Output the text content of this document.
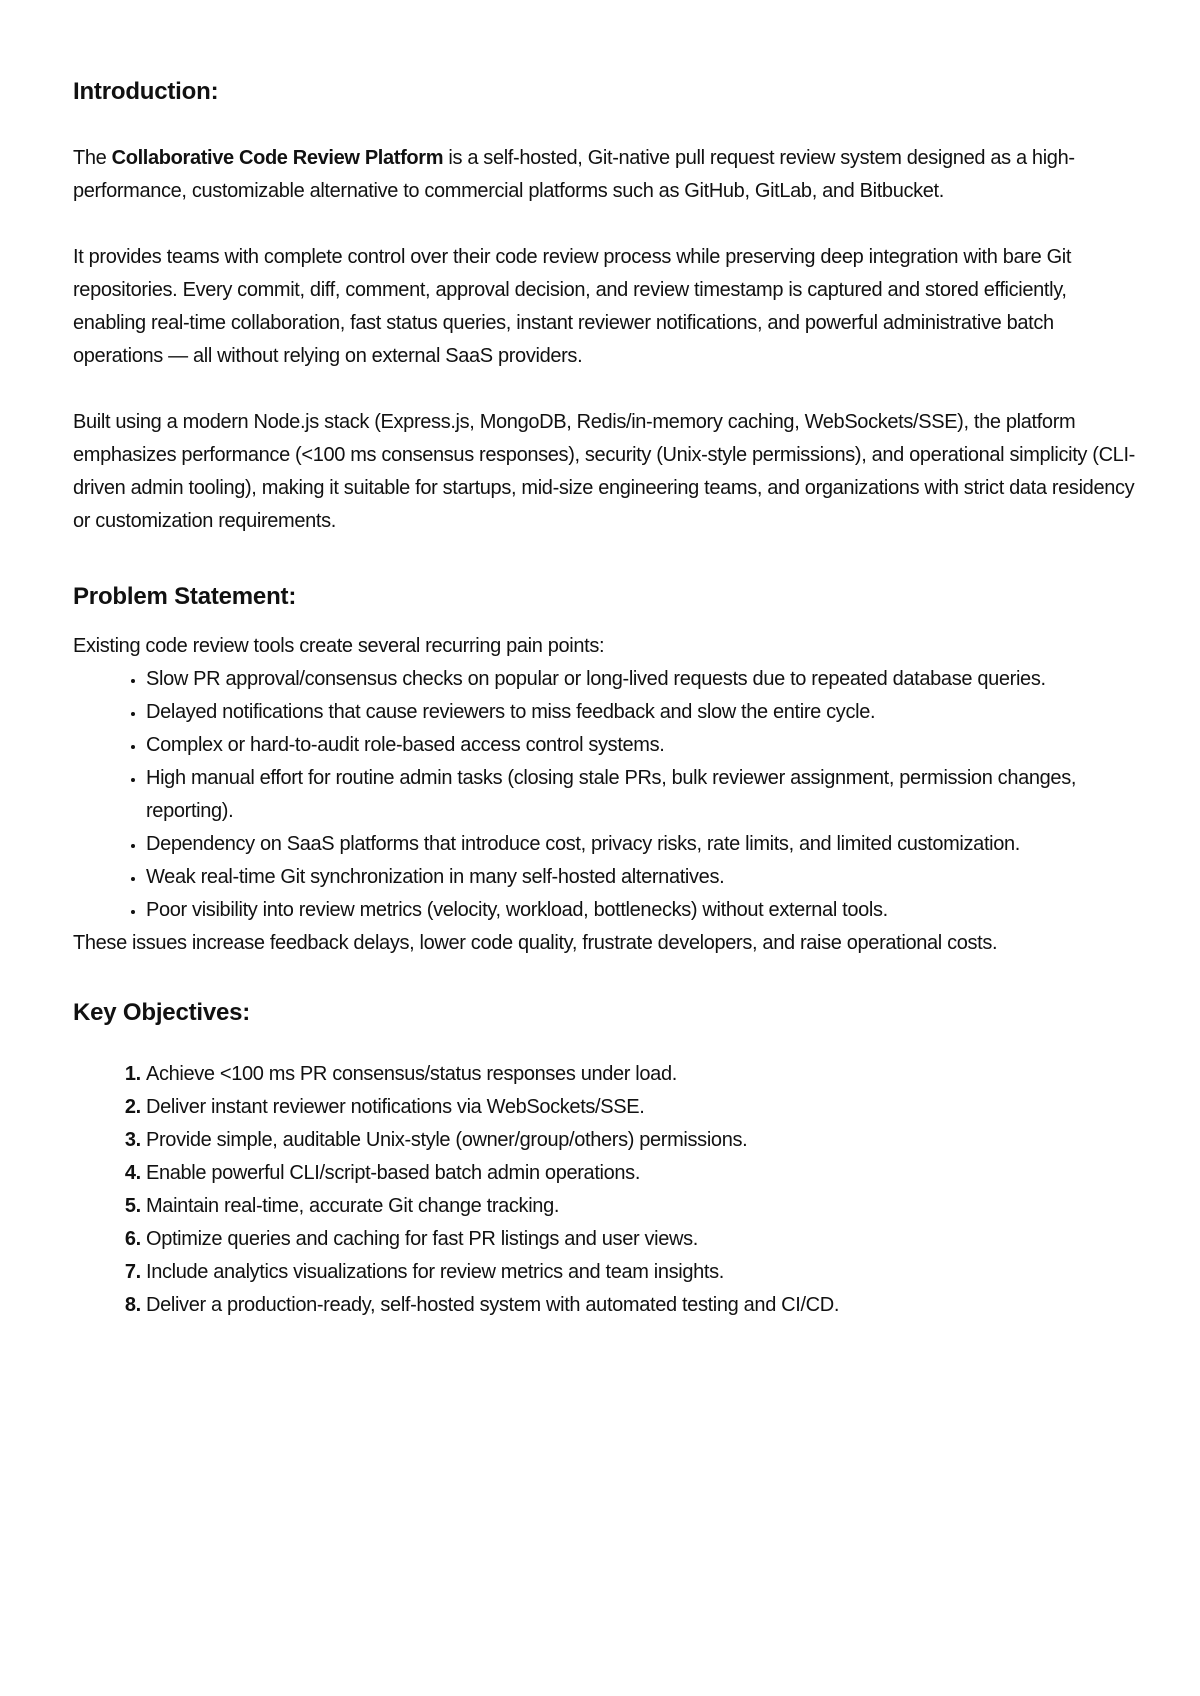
Introduction:

The Collaborative Code Review Platform is a self-hosted, Git-native pull request review system designed as a high-performance, customizable alternative to commercial platforms such as GitHub, GitLab, and Bitbucket.

It provides teams with complete control over their code review process while preserving deep integration with bare Git repositories. Every commit, diff, comment, approval decision, and review timestamp is captured and stored efficiently, enabling real-time collaboration, fast status queries, instant reviewer notifications, and powerful administrative batch operations — all without relying on external SaaS providers.

Built using a modern Node.js stack (Express.js, MongoDB, Redis/in-memory caching, WebSockets/SSE), the platform emphasizes performance (<100 ms consensus responses), security (Unix-style permissions), and operational simplicity (CLI-driven admin tooling), making it suitable for startups, mid-size engineering teams, and organizations with strict data residency or customization requirements.

Problem Statement:

Existing code review tools create several recurring pain points:

• Slow PR approval/consensus checks on popular or long-lived requests due to repeated database queries.
• Delayed notifications that cause reviewers to miss feedback and slow the entire cycle.
• Complex or hard-to-audit role-based access control systems.
• High manual effort for routine admin tasks (closing stale PRs, bulk reviewer assignment, permission changes, reporting).
• Dependency on SaaS platforms that introduce cost, privacy risks, rate limits, and limited customization.
• Weak real-time Git synchronization in many self-hosted alternatives.
• Poor visibility into review metrics (velocity, workload, bottlenecks) without external tools.

These issues increase feedback delays, lower code quality, frustrate developers, and raise operational costs.

Key Objectives:
1. Achieve <100 ms PR consensus/status responses under load.
2. Deliver instant reviewer notifications via WebSockets/SSE.
3. Provide simple, auditable Unix-style (owner/group/others) permissions.
4. Enable powerful CLI/script-based batch admin operations.
5. Maintain real-time, accurate Git change tracking.
6. Optimize queries and caching for fast PR listings and user views.
7. Include analytics visualizations for review metrics and team insights.
8. Deliver a production-ready, self-hosted system with automated testing and CI/CD.
